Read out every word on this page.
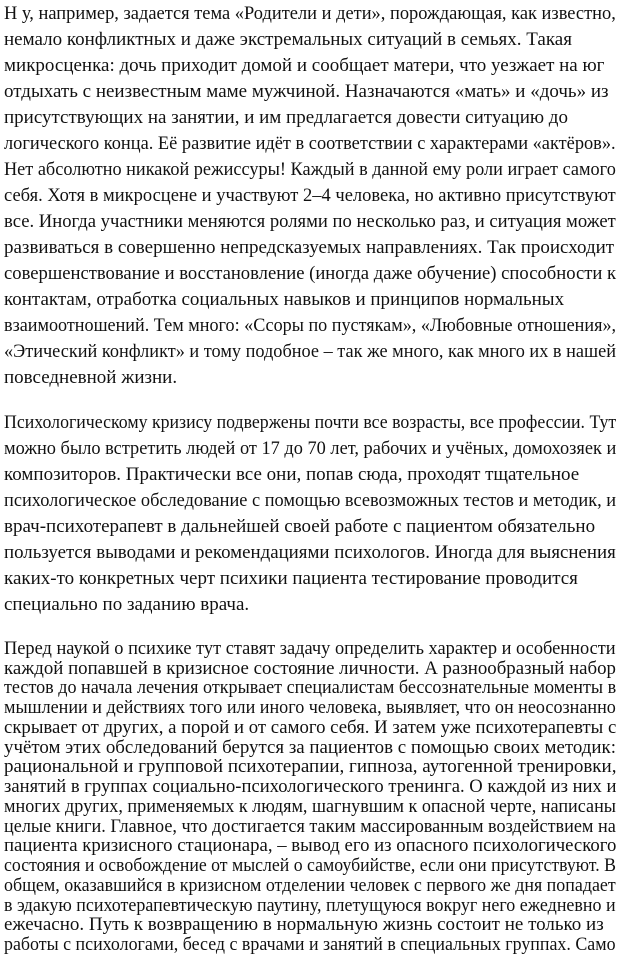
Н у, например, задается тема «Родители и дети», порождающая, как известно,
немало конфликтных и даже экстремальных ситуаций в семьях. Такая
микросценка: дочь приходит домой и сообщает матери, что уезжает на юг
отдыхать с неизвестным маме мужчиной. Назначаются «мать» и «дочь» из
присутствующих на занятии, и им предлагается довести ситуацию до
логического конца. Её развитие идёт в соответствии с характерами «актёров».
Нет абсолютно никакой режиссуры! Каждый в данной ему роли играет самого
себя. Хотя в микросцене и участвуют 2–4 человека, но активно присутствуют
все. Иногда участники меняются ролями по несколько раз, и ситуация может
развиваться в совершенно непредсказуемых направлениях. Так происходит
совершенствование и восстановление (иногда даже обучение) способности к
контактам, отработка социальных навыков и принципов нормальных
взаимоотношений. Тем много: «Ссоры по пустякам», «Любовные отношения»,
«Этический конфликт» и тому подобное – так же много, как много их в нашей
повседневной жизни.
Психологическому кризису подвержены почти все возрасты, все профессии. Тут
можно было встретить людей от 17 до 70 лет, рабочих и учёных, домохозяек и
композиторов. Практически все они, попав сюда, проходят тщательное
психологическое обследование с помощью всевозможных тестов и методик, и
врач-психотерапевт в дальнейшей своей работе с пациентом обязательно
пользуется выводами и рекомендациями психологов. Иногда для выяснения
каких-то конкретных черт психики пациента тестирование проводится
специально по заданию врача.
Перед наукой о психике тут ставят задачу определить характер и особенности
каждой попавшей в кризисное состояние личности. А разнообразный набор
тестов до начала лечения открывает специалистам бессознательные моменты в
мышлении и действиях того или иного человека, выявляет, что он неосознанно
скрывает от других, а порой и от самого себя. И затем уже психотерапевты с
учётом этих обследований берутся за пациентов с помощью своих методик:
рациональной и групповой психотерапии, гипноза, аутогенной тренировки,
занятий в группах социально-психологического тренинга. О каждой из них и
многих других, применяемых к людям, шагнувшим к опасной черте, написаны
целые книги. Главное, что достигается таким массированным воздействием на
пациента кризисного стационара, – вывод его из опасного психологического
состояния и освобождение от мыслей о самоубийстве, если они присутствуют. В
общем, оказавшийся в кризисном отделении человек с первого же дня попадает
в эдакую психотерапевтическую паутину, плетущуюся вокруг него ежедневно и
ежечасно. Путь к возвращению в нормальную жизнь состоит не только из
работы с психологами, бесед с врачами и занятий в специальных группах. Само
